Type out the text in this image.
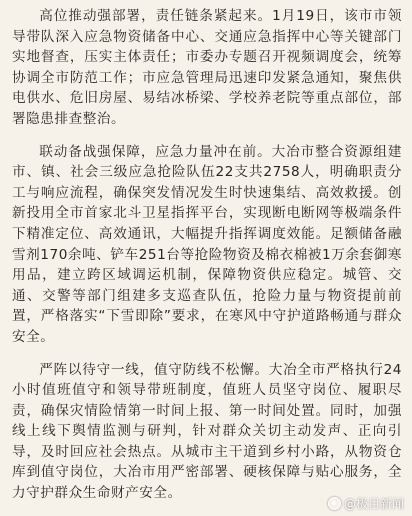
高位推动强部署，责任链条紧起来。1月19日，该市市领导带队深入应急物资储备中心、交通应急指挥中心等关键部门实地督查，压实主体责任；市委办专题召开视频调度会，统筹协调全市防范工作；市应急管理局迅速印发紧急通知，聚焦供电供水、危旧房屋、易结冰桥梁、学校养老院等重点部位，部署隐患排查整治。

联动备战强保障，应急力量冲在前。大冶市整合资源组建市、镇、社会三级应急抢险队伍22支共2758人，明确职责分工与响应流程，确保突发情况发生时快速集结、高效救援。创新投用全市首家北斗卫星指挥平台，实现断电断网等极端条件下精准定位、高效通讯，大幅提升指挥调度效能。足额储备融雪剂170余吨、铲车251台等抢险物资及棉衣棉被1万余套御寒用品，建立跨区域调运机制，保障物资供应稳定。城管、交通、交警等部门组建多支巡查队伍，抢险力量与物资提前前置，严格落实“下雪即除”要求，在寒风中守护道路畅通与群众安全。

严阵以待守一线，值守防线不松懈。大冶全市严格执行24小时值班值守和领导带班制度，值班人员坚守岗位、履职尽责，确保灾情险情第一时间上报、第一时间处置。同时，加强线上线下舆情监测与研判，针对群众关切主动发声、正向引导，及时回应社会热点。从城市主干道到乡村小路，从物资仓库到值守岗位，大冶市用严密部署、硬核保障与贴心服务，全力守护群众生命财产安全。

@极目新闻
